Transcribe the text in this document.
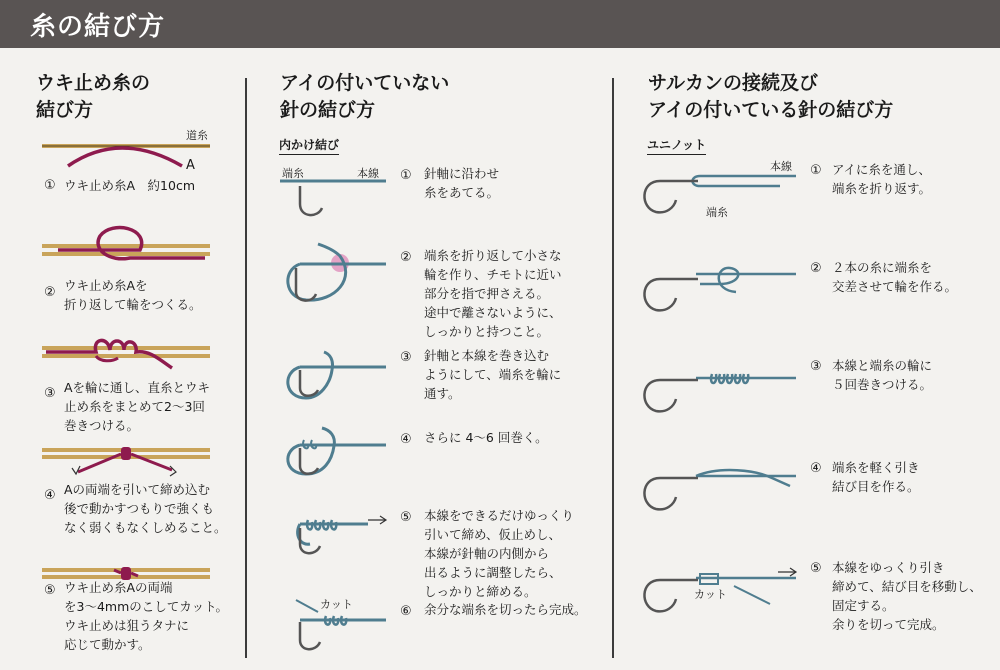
糸の結び方
ウキ止め糸の
結び方
道糸
A
① ウキ止め糸A　約10cm
② ウキ止め糸Aを
折り返して輪をつくる。
③ Aを輪に通し、直糸とウキ
止め糸をまとめて2〜3回
巻きつける。
④ Aの両端を引いて締め込む
後で動かすつもりで強くも
なく弱くもなくしめること。
⑤ ウキ止め糸Aの両端
を3〜4mmのこしてカット。
ウキ止めは狙うタナに
応じて動かす。
アイの付いていない
針の結び方
内かけ結び
端糸	本線
カット
① 針軸に沿わせ
糸をあてる。
② 端糸を折り返して小さな
輪を作り、チモトに近い
部分を指で押さえる。
途中で離さないように、
しっかりと持つこと。
③ 針軸と本線を巻き込む
ようにして、端糸を輪に
通す。
④ さらに 4〜6 回巻く。
⑤ 本線をできるだけゆっくり
引いて締め、仮止めし、
本線が針軸の内側から
出るように調整したら、
しっかりと締める。
⑥ 余分な端糸を切ったら完成。
サルカンの接続及び
アイの付いている針の結び方
ユニノット
本線
端糸
カット
① アイに糸を通し、
端糸を折り返す。
② ２本の糸に端糸を
交差させて輪を作る。
③ 本線と端糸の輪に
５回巻きつける。
④ 端糸を軽く引き
結び目を作る。
⑤ 本線をゆっくり引き
締めて、結び目を移動し、
固定する。
余りを切って完成。
